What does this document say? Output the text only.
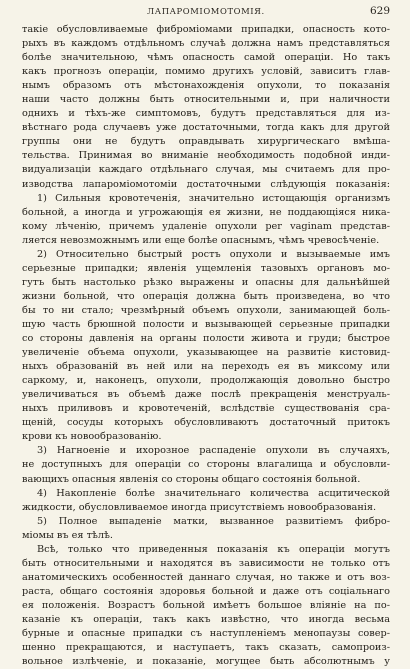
ЛАПАРОМІОМОТОМІЯ.	629
такіе обусловливаемые фиброміомами припадки, опасность кото-
рыхъ въ каждомъ отдѣльномъ случаѣ должна намъ представляться
болѣе значительною, чѣмъ опасность самой операціи. Но такъ
какъ прогнозъ операціи, помимо другихъ условій, зависитъ глав-
нымъ образомъ отъ мѣстонахожденія опухоли, то показанія
наши часто должны быть относительными и, при наличности
однихъ и тѣхъ-же симптомовъ, будутъ представляться для из-
вѣстнаго рода случаевъ уже достаточными, тогда какъ для другой
группы они не будутъ оправдывать хирургическаго вмѣша-
тельства. Принимая во вниманіе необходимость подобной инди-
видуализаціи каждаго отдѣльнаго случая, мы считаемъ для про-
изводства лапароміомотоміи достаточными слѣдующія показанія:
1) Сильныя кровотеченія, значительно истощающія организмъ
больной, а иногда и угрожающія ея жизни, не поддающіяся ника-
кому лѣченію, причемъ удаленіе опухоли per vaginam представ-
ляется невозможнымъ или еще болѣе опаснымъ, чѣмъ чревосѣченіе.
2) Относительно быстрый ростъ опухоли и вызываемые имъ
серьезные припадки; явленія ущемленія тазовыхъ органовъ мо-
гутъ быть настолько рѣзко выражены и опасны для дальнѣйшей
жизни больной, что операція должна быть произведена, во что
бы то ни стало; чрезмѣрный объемъ опухоли, занимающей боль-
шую часть брюшной полости и вызывающей серьезные припадки
со стороны давленія на органы полости живота и груди; быстрое
увеличеніе объема опухоли, указывающее на развитіе кистовид-
ныхъ образованій въ ней или на переходъ ея въ миксому или
саркому, и, наконецъ, опухоли, продолжающія довольно быстро
увеличиваться въ объемѣ даже послѣ прекращенія менструаль-
ныхъ приливовъ и кровотеченій, вслѣдствіе существованія сра-
щеній, сосуды которыхъ обусловливаютъ достаточный притокъ
крови къ новообразованію.
3) Нагноеніе и ихорозное распаденіе опухоли въ случаяхъ,
не доступныхъ для операціи со стороны влагалища и обусловли-
вающихъ опасныя явленія со стороны общаго состоянія больной.
4) Накопленіе болѣе значительнаго количества асцитической
жидкости, обусловливаемое иногда присутствіемъ новообразованія.
5) Полное выпаденіе матки, вызванное развитіемъ фибро-
міомы въ ея тѣлѣ.
Всѣ, только что приведенныя показанія къ операціи могутъ
быть относительными и находятся въ зависимости не только отъ
анатомическихъ особенностей даннаго случая, но также и отъ воз-
раста, общаго состоянія здоровья больной и даже отъ соціальнаго
ея положенія. Возрастъ больной имѣетъ большое вліяніе на по-
казаніе къ операціи, такъ какъ извѣстно, что иногда весьма
бурные и опасные припадки съ наступленіемъ менопаузы совер-
шенно прекращаются, и наступаетъ, такъ сказать, самопроиз-
вольное излѣченіе, и показаніе, могущее быть абсолютнымъ у
